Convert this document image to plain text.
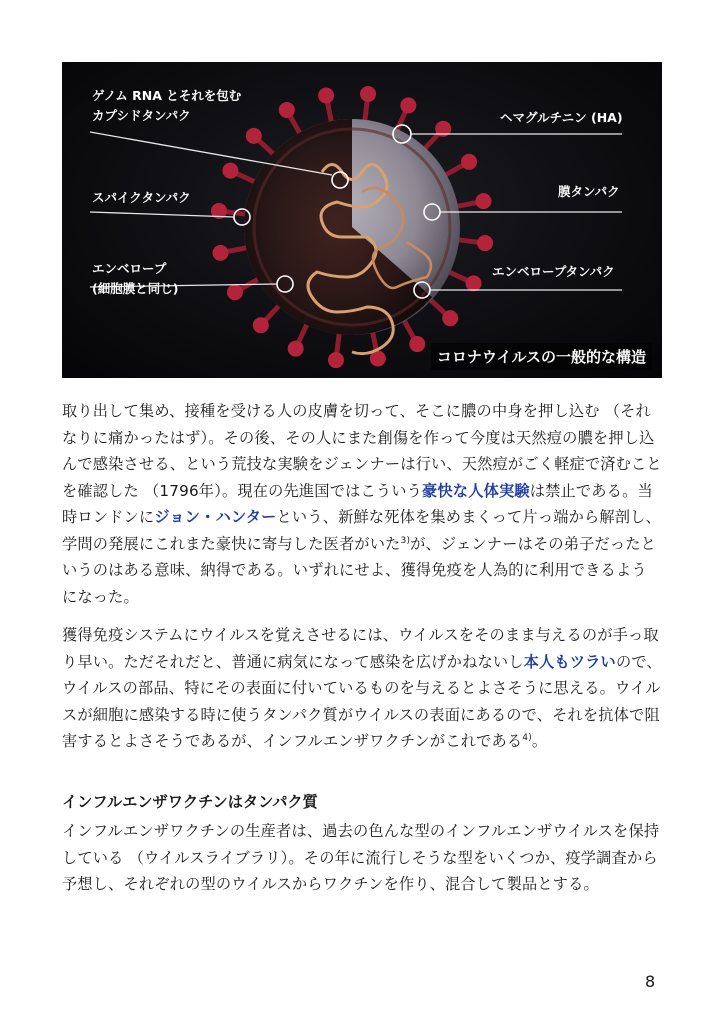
ゲノム RNA とそれを包む
カプシドタンパク
スパイクタンパク
エンベロープ
(細胞膜と同じ)
ヘマグルチニン (HA)
膜タンパク
エンベロープタンパク
コロナウイルスの一般的な構造

取り出して集め、接種を受ける人の皮膚を切って、そこに膿の中身を押し込む （それなりに痛かったはず）。その後、その人にまた創傷を作って今度は天然痘の膿を押し込んで感染させる、という荒技な実験をジェンナーは行い、天然痘がごく軽症で済むことを確認した （1796年）。現在の先進国ではこういう豪快な人体実験は禁止である。当時ロンドンにジョン・ハンターという、新鮮な死体を集めまくって片っ端から解剖し、学問の発展にこれまた豪快に寄与した医者がいた$^{3)}$が、ジェンナーはその弟子だったというのはある意味、納得である。いずれにせよ、獲得免疫を人為的に利用できるようになった。

獲得免疫システムにウイルスを覚えさせるには、ウイルスをそのまま与えるのが手っ取り早い。ただそれだと、普通に病気になって感染を広げかねないし本人もツラいので、ウイルスの部品、特にその表面に付いているものを与えるとよさそうに思える。ウイルスが細胞に感染する時に使うタンパク質がウイルスの表面にあるので、それを抗体で阻害するとよさそうであるが、インフルエンザワクチンがこれである$^{4)}$。

インフルエンザワクチンはタンパク質

インフルエンザワクチンの生産者は、過去の色んな型のインフルエンザウイルスを保持している （ウイルスライブラリ）。その年に流行しそうな型をいくつか、疫学調査から予想し、それぞれの型のウイルスからワクチンを作り、混合して製品とする。

8
